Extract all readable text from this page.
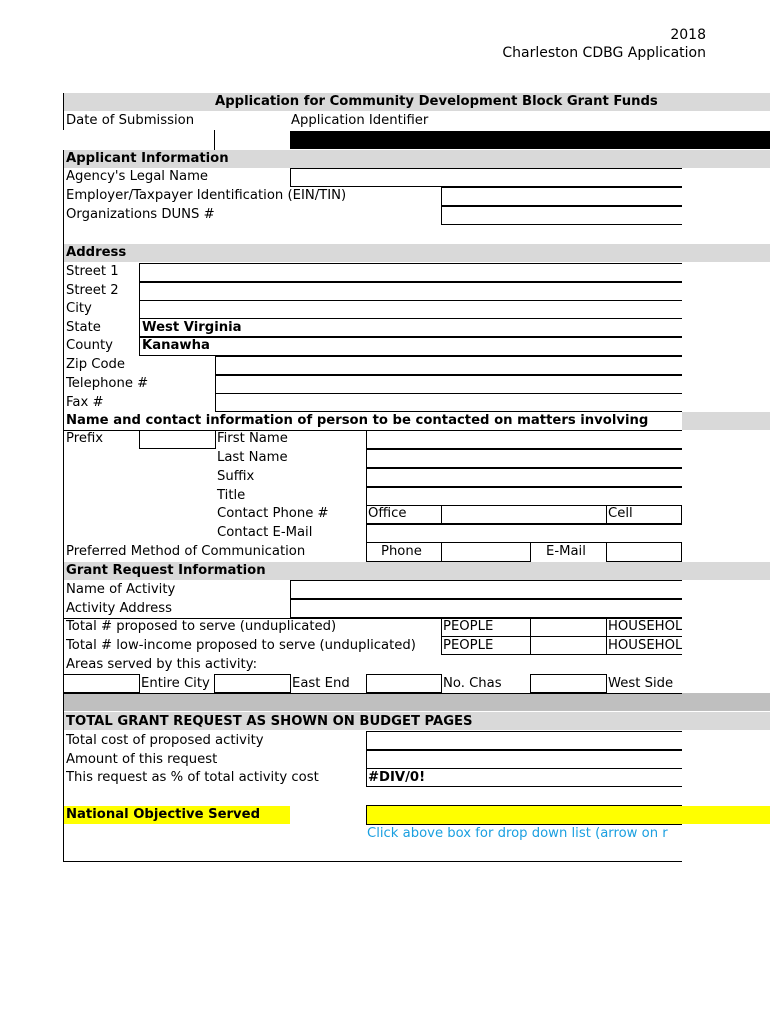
2018
Charleston CDBG Application
Application for Community Development Block Grant Funds
Date of Submission	Application Identifier
Applicant Information
Agency's Legal Name
Employer/Taxpayer Identification (EIN/TIN)
Organizations DUNS #
Address
Street 1
Street 2
City
State	West Virginia
County Kanawha
Zip Code
Telephone #
Fax #
Name and contact information of person to be contacted on matters involving
Prefix	First Name
Last Name
Suffix
Title
Contact Phone #	Office	Cell
Contact E-Mail
Preferred Method of Communication	Phone	E-Mail
Grant Request Information
Name of Activity
Activity Address
Total # proposed to serve (unduplicated)	PEOPLE	HOUSEHOL
Total # low-income proposed to serve (unduplicated) PEOPLE	HOUSEHOL
Areas served by this activity:
Entire City	East End	No. Chas	West Side
TOTAL GRANT REQUEST AS SHOWN ON BUDGET PAGES
Total cost of proposed activity
Amount of this request
This request as % of total activity cost	#DIV/0!
National Objective Served
Click above box for drop down list (arrow on r
